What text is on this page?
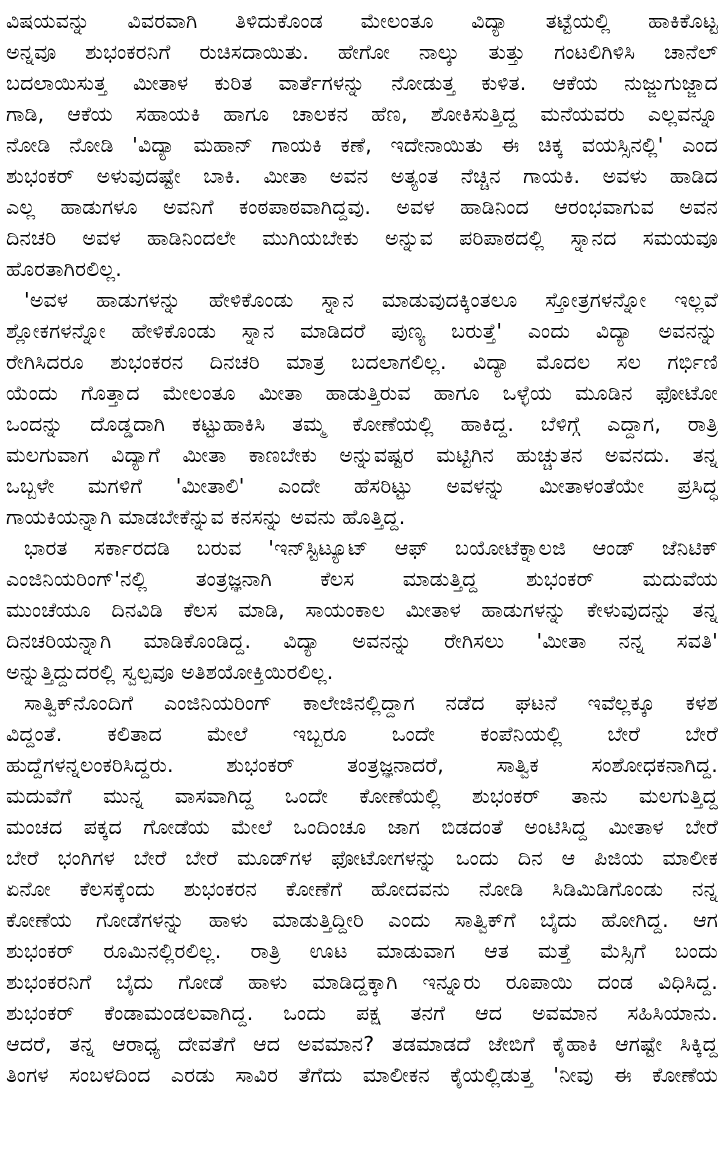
ವಿಷಯವನ್ನು ವಿವರವಾಗಿ ತಿಳಿದುಕೊಂಡ ಮೇಲಂತೂ ವಿದ್ಯಾ ತಟ್ಟೆಯಲ್ಲಿ ಹಾಕಿಕೊಟ್ಟ
ಅನ್ನವೂ ಶುಭಂಕರನಿಗೆ ರುಚಿಸದಾಯಿತು. ಹೇಗೋ ನಾಲ್ಕು ತುತ್ತು ಗಂಟಲಿಗಿಳಿಸಿ ಚಾನೆಲ್
ಬದಲಾಯಿಸುತ್ತ ಮೀತಾಳ ಕುರಿತ ವಾರ್ತೆಗಳನ್ನು ನೋಡುತ್ತ ಕುಳಿತ. ಆಕೆಯ ನುಜ್ಜುಗುಜ್ಜಾದ
ಗಾಡಿ, ಆಕೆಯ ಸಹಾಯಕಿ ಹಾಗೂ ಚಾಲಕನ ಹೆಣ, ಶೋಕಿಸುತ್ತಿದ್ದ ಮನೆಯವರು ಎಲ್ಲವನ್ನೂ
ನೋಡಿ ನೋಡಿ 'ವಿದ್ಯಾ ಮಹಾನ್ ಗಾಯಕಿ ಕಣೆ, ಇದೇನಾಯಿತು ಈ ಚಿಕ್ಕ ವಯಸ್ಸಿನಲ್ಲಿ' ಎಂದ
ಶುಭಂಕರ್ ಅಳುವುದಷ್ಟೇ ಬಾಕಿ. ಮೀತಾ ಅವನ ಅತ್ಯಂತ ನೆಚ್ಚಿನ ಗಾಯಕಿ. ಅವಳು ಹಾಡಿದ
ಎಲ್ಲ ಹಾಡುಗಳೂ ಅವನಿಗೆ ಕಂಠಪಾಠವಾಗಿದ್ದವು. ಅವಳ ಹಾಡಿನಿಂದ ಆರಂಭವಾಗುವ ಅವನ
ದಿನಚರಿ ಅವಳ ಹಾಡಿನಿಂದಲೇ ಮುಗಿಯಬೇಕು ಅನ್ನುವ ಪರಿಪಾಠದಲ್ಲಿ ಸ್ನಾನದ ಸಮಯವೂ
ಹೊರತಾಗಿರಲಿಲ್ಲ.
'ಅವಳ ಹಾಡುಗಳನ್ನು ಹೇಳಿಕೊಂಡು ಸ್ನಾನ ಮಾಡುವುದಕ್ಕಿಂತಲೂ ಸ್ತೋತ್ರಗಳನ್ನೋ ಇಲ್ಲವೆ
ಶ್ಲೋಕಗಳನ್ನೋ ಹೇಳಿಕೊಂಡು ಸ್ನಾನ ಮಾಡಿದರೆ ಪುಣ್ಯ ಬರುತ್ತೆ' ಎಂದು ವಿದ್ಯಾ ಅವನನ್ನು
ರೇಗಿಸಿದರೂ ಶುಭಂಕರನ ದಿನಚರಿ ಮಾತ್ರ ಬದಲಾಗಲಿಲ್ಲ. ವಿದ್ಯಾ ಮೊದಲ ಸಲ ಗರ್ಭಿಣಿ
ಯೆಂದು ಗೊತ್ತಾದ ಮೇಲಂತೂ ಮೀತಾ ಹಾಡುತ್ತಿರುವ ಹಾಗೂ ಒಳ್ಳೆಯ ಮೂಡಿನ ಫೋಟೋ
ಒಂದನ್ನು ದೊಡ್ಡದಾಗಿ ಕಟ್ಟುಹಾಕಿಸಿ ತಮ್ಮ ಕೋಣೆಯಲ್ಲಿ ಹಾಕಿದ್ದ. ಬೆಳಿಗ್ಗೆ ಎದ್ದಾಗ, ರಾತ್ರಿ
ಮಲಗುವಾಗ ವಿದ್ಯಾಗೆ ಮೀತಾ ಕಾಣಬೇಕು ಅನ್ನುವಷ್ಟರ ಮಟ್ಟಿಗಿನ ಹುಚ್ಚುತನ ಅವನದು. ತನ್ನ
ಒಬ್ಬಳೇ ಮಗಳಿಗೆ 'ಮೀತಾಲಿ' ಎಂದೇ ಹೆಸರಿಟ್ಟು ಅವಳನ್ನು ಮೀತಾಳಂತೆಯೇ ಪ್ರಸಿದ್ಧ
ಗಾಯಕಿಯನ್ನಾಗಿ ಮಾಡಬೇಕೆನ್ನುವ ಕನಸನ್ನು ಅವನು ಹೊತ್ತಿದ್ದ.
ಭಾರತ ಸರ್ಕಾರದಡಿ ಬರುವ 'ಇನ್‌ಸ್ಟಿಟ್ಯೂಟ್ ಆಫ್ ಬಯೋಟೆಕ್ನಾಲಜಿ ಆಂಡ್ ಜೆನಿಟಿಕ್
ಎಂಜಿನಿಯರಿಂಗ್'ನಲ್ಲಿ ತಂತ್ರಜ್ಞನಾಗಿ ಕೆಲಸ ಮಾಡುತ್ತಿದ್ದ ಶುಭಂಕರ್ ಮದುವೆಯ
ಮುಂಚೆಯೂ ದಿನವಿಡಿ ಕೆಲಸ ಮಾಡಿ, ಸಾಯಂಕಾಲ ಮೀತಾಳ ಹಾಡುಗಳನ್ನು ಕೇಳುವುದನ್ನು ತನ್ನ
ದಿನಚರಿಯನ್ನಾಗಿ ಮಾಡಿಕೊಂಡಿದ್ದ. ವಿದ್ಯಾ ಅವನನ್ನು ರೇಗಿಸಲು 'ಮೀತಾ ನನ್ನ ಸವತಿ'
ಅನ್ನುತ್ತಿದ್ದುದರಲ್ಲಿ ಸ್ವಲ್ಪವೂ ಅತಿಶಯೋಕ್ತಿಯಿರಲಿಲ್ಲ.
ಸಾತ್ವಿಕ್‌ನೊಂದಿಗೆ ಎಂಜಿನಿಯರಿಂಗ್ ಕಾಲೇಜಿನಲ್ಲಿದ್ದಾಗ ನಡೆದ ಘಟನೆ ಇವೆಲ್ಲಕ್ಕೂ ಕಳಶ
ವಿದ್ದಂತೆ. ಕಲಿತಾದ ಮೇಲೆ ಇಬ್ಬರೂ ಒಂದೇ ಕಂಪೆನಿಯಲ್ಲಿ ಬೇರೆ ಬೇರೆ
ಹುದ್ದೆಗಳನ್ನಲಂಕರಿಸಿದ್ದರು. ಶುಭಂಕರ್ ತಂತ್ರಜ್ಞನಾದರೆ, ಸಾತ್ವಿಕ ಸಂಶೋಧಕನಾಗಿದ್ದ.
ಮದುವೆಗೆ ಮುನ್ನ ವಾಸವಾಗಿದ್ದ ಒಂದೇ ಕೋಣೆಯಲ್ಲಿ ಶುಭಂಕರ್ ತಾನು ಮಲಗುತ್ತಿದ್ದ
ಮಂಚದ ಪಕ್ಕದ ಗೋಡೆಯ ಮೇಲೆ ಒಂದಿಂಚೂ ಜಾಗ ಬಿಡದಂತೆ ಅಂಟಿಸಿದ್ದ ಮೀತಾಳ ಬೇರೆ
ಬೇರೆ ಭಂಗಿಗಳ ಬೇರೆ ಬೇರೆ ಮೂಡ್‌ಗಳ ಫೋಟೋಗಳನ್ನು ಒಂದು ದಿನ ಆ ಪಿಜಿಯ ಮಾಲೀಕ
ಏನೋ ಕೆಲಸಕ್ಕೆಂದು ಶುಭಂಕರನ ಕೋಣೆಗೆ ಹೋದವನು ನೋಡಿ ಸಿಡಿಮಿಡಿಗೊಂಡು ನನ್ನ
ಕೋಣೆಯ ಗೋಡೆಗಳನ್ನು ಹಾಳು ಮಾಡುತ್ತಿದ್ದೀರಿ ಎಂದು ಸಾತ್ವಿಕ್‌ಗೆ ಬೈದು ಹೋಗಿದ್ದ. ಆಗ
ಶುಭಂಕರ್ ರೂಮಿನಲ್ಲಿರಲಿಲ್ಲ. ರಾತ್ರಿ ಊಟ ಮಾಡುವಾಗ ಆತ ಮತ್ತೆ ಮೆಸ್ಸಿಗೆ ಬಂದು
ಶುಭಂಕರನಿಗೆ ಬೈದು ಗೋಡೆ ಹಾಳು ಮಾಡಿದ್ದಕ್ಕಾಗಿ ಇನ್ನೂರು ರೂಪಾಯಿ ದಂಡ ವಿಧಿಸಿದ್ದ.
ಶುಭಂಕರ್ ಕೆಂಡಾಮಂಡಲವಾಗಿದ್ದ. ಒಂದು ಪಕ್ಷ ತನಗೆ ಆದ ಅವಮಾನ ಸಹಿಸಿಯಾನು.
ಆದರೆ, ತನ್ನ ಆರಾಧ್ಯ ದೇವತೆಗೆ ಆದ ಅವಮಾನ? ತಡಮಾಡದೆ ಜೇಬಿಗೆ ಕೈಹಾಕಿ ಆಗಷ್ಟೇ ಸಿಕ್ಕಿದ್ದ
ತಿಂಗಳ ಸಂಬಳದಿಂದ ಎರಡು ಸಾವಿರ ತೆಗೆದು ಮಾಲೀಕನ ಕೈಯಲ್ಲಿಡುತ್ತ 'ನೀವು ಈ ಕೋಣೆಯ
